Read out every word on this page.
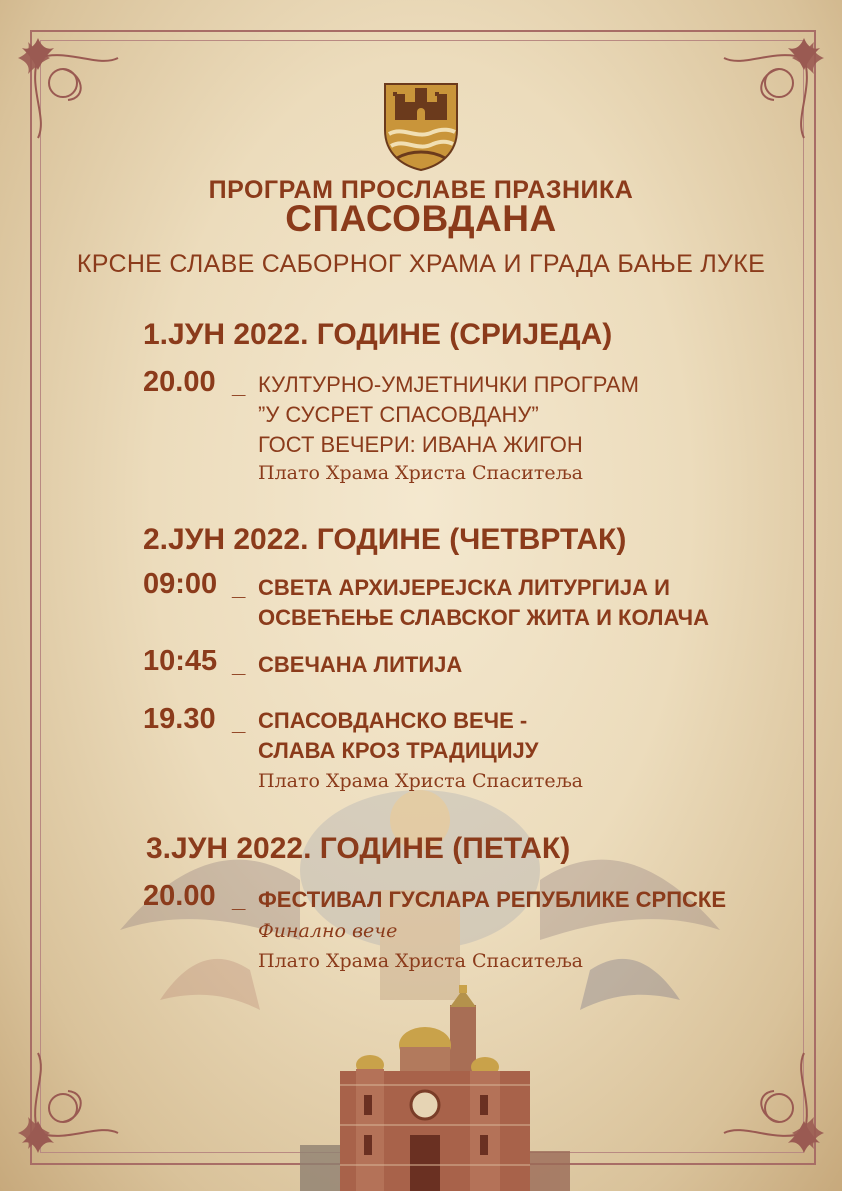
ПРОГРАМ ПРОСЛАВЕ ПРАЗНИКА
СПАСОВДАНА
КРСНЕ СЛАВЕ САБОРНОГ ХРАМА И ГРАДА БАЊЕ ЛУКЕ
1.ЈУН 2022. ГОДИНЕ (СРИЈЕДА)
20.00 _ КУЛТУРНО-УМЈЕТНИЧКИ ПРОГРАМ
”У СУСРЕТ СПАСОВДАНУ”
ГОСТ ВЕЧЕРИ: ИВАНА ЖИГОН
Плато Храма Христа Спаситеља
2.ЈУН 2022. ГОДИНЕ (ЧЕТВРТАК)
09:00 _ СВЕТА АРХИЈЕРЕЈСКА ЛИТУРГИЈА И
ОСВЕЋЕЊЕ СЛАВСКОГ ЖИТА И КОЛАЧА
10:45 _ СВЕЧАНА ЛИТИЈА
19.30 _ СПАСОВДАНСКО ВЕЧЕ -
СЛАВА КРОЗ ТРАДИЦИЈУ
Плато Храма Христа Спаситеља
3.ЈУН 2022. ГОДИНЕ (ПЕТАК)
20.00 _ ФЕСТИВАЛ ГУСЛАРА РЕПУБЛИКЕ СРПСКЕ
Финално вече
Плато Храма Христа Спаситеља
